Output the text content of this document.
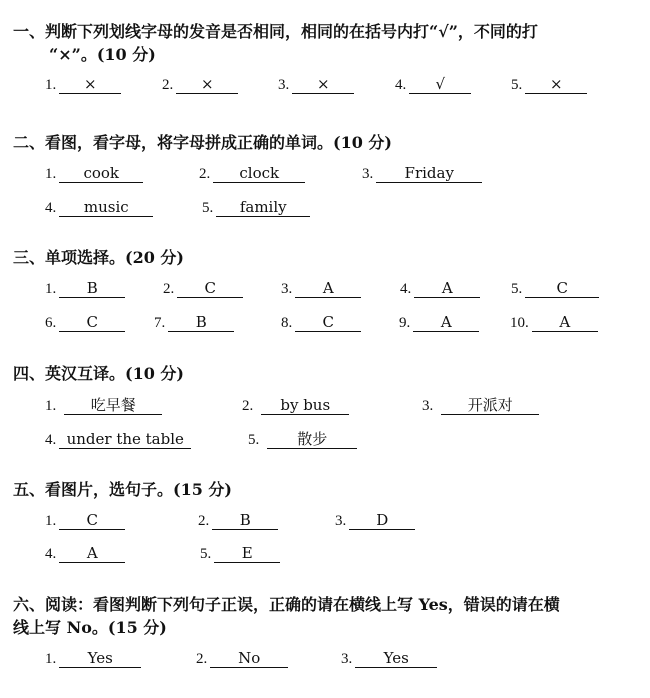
一、判断下列划线字母的发音是否相同，相同的在括号内打“√”，不同的打
“×”。(10 分)
1. ×	2. ×	3. ×	4. √	5. ×
二、看图，看字母，将字母拼成正确的单词。(10 分)
1. cook	2. clock	3. Friday
4. music	5. family
三、单项选择。(20 分)
1. B	2. C	3. A	4. A	5. C
6. C	7. B	8. C	9. A	10. A
四、英汉互译。(10 分)
1. 吃早餐	2. by bus	3. 开派对
4. under the table	5.	散步
五、看图片，选句子。(15 分)
1. C	2. B	3. D
4. A	5. E
六、阅读：看图判断下列句子正误，正确的请在横线上写 Yes，错误的请在横
线上写 No。(15 分)
1. Yes	2. No	3. Yes
